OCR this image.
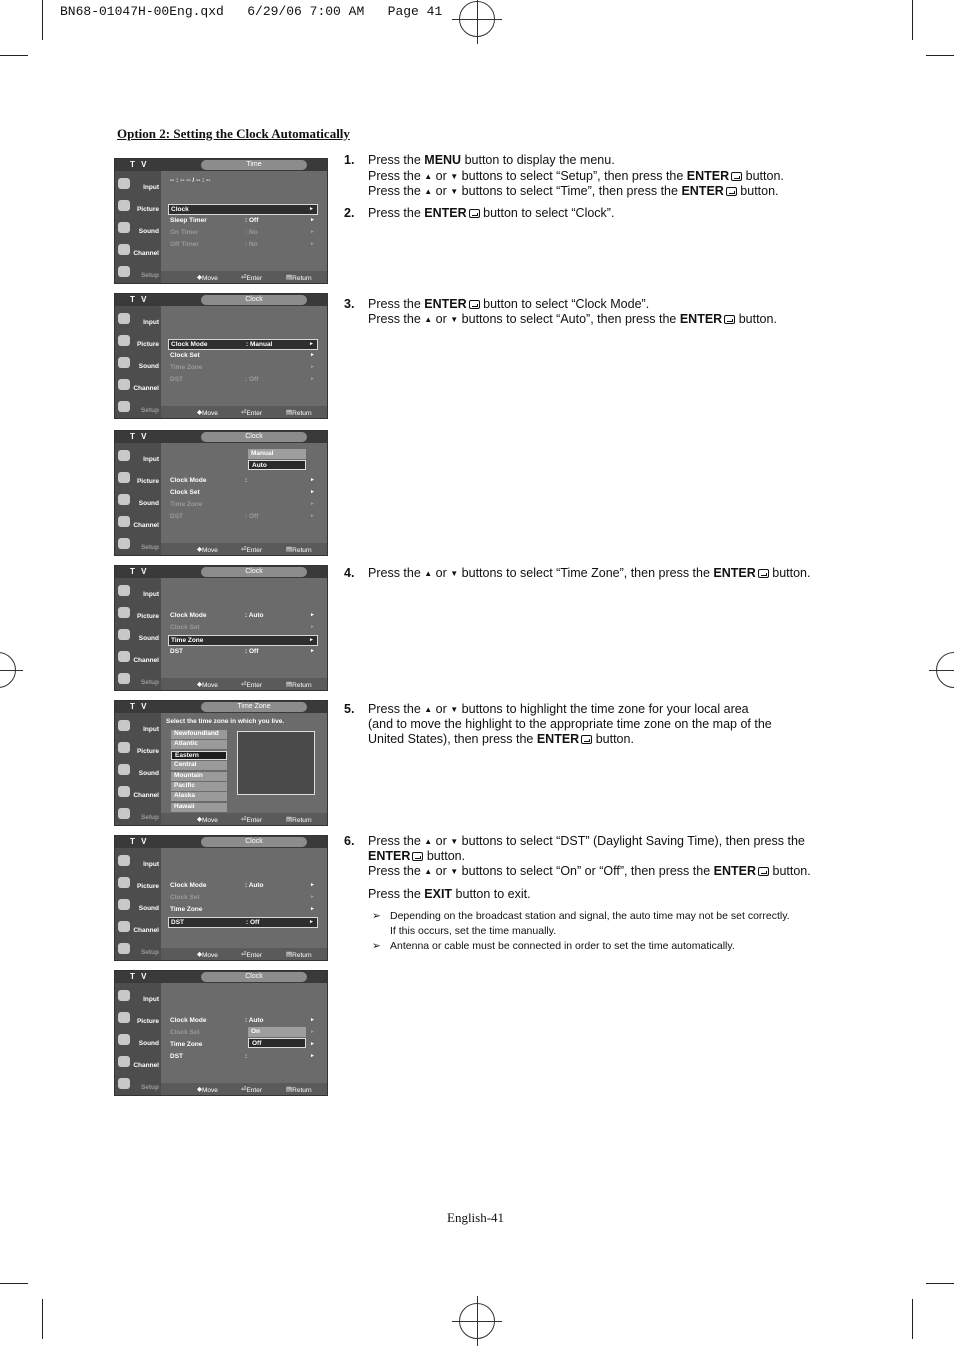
BN68-01047H-00Eng.qxd   6/29/06 7:00 AM   Page 41
Option 2: Setting the Clock Automatically
T V	Time
Input
Picture
Sound
Channel
Setup
-- : -- -- / -- : --
Clock	►
Sleep Timer	: Off	►
On Timer	: No	►
Off Timer	: No	►
◆ Move	⏎ Enter	▤ Return
T V	Clock
Input
Picture
Sound
Channel
Setup
Clock Mode	: Manual	►
Clock Set	►
Time Zone	►
DST	: Off	►
◆ Move	⏎ Enter	▤ Return
T V	Clock
Input
Picture
Sound
Channel
Setup
Clock Mode	:	►
Clock Set	►
Time Zone	►
DST	: Off	►
Manual
Auto
◆ Move	⏎ Enter	▤ Return
T V	Clock
Input
Picture
Sound
Channel
Setup
Clock Mode	: Auto	►
Clock Set	►
Time Zone	►
DST	: Off	►
◆ Move	⏎ Enter	▤ Return
T V	Time Zone
Input
Picture
Sound
Channel
Setup
Select the time zone in which you live.
Newfoundland
Atlantic
Eastern
Central
Mountain
Pacific
Alaska
Hawaii
◆ Move	⏎ Enter	▤ Return
T V	Clock
Input
Picture
Sound
Channel
Setup
Clock Mode	: Auto	►
Clock Set	►
Time Zone	►
DST	: Off	►
◆ Move	⏎ Enter	▤ Return
T V	Clock
Input
Picture
Sound
Channel
Setup
Clock Mode	: Auto	►
Clock Set	►
Time Zone	►
DST	:	►
On
Off
◆ Move	⏎ Enter	▤ Return
1. Press the MENU button to display the menu.
Press the ▲ or ▼ buttons to select “Setup”, then press the ENTER button.
Press the ▲ or ▼ buttons to select “Time”, then press the ENTER button.
2. Press the ENTER button to select “Clock”.
3. Press the ENTER button to select “Clock Mode”.
Press the ▲ or ▼ buttons to select “Auto”, then press the ENTER button.
4. Press the ▲ or ▼ buttons to select “Time Zone”, then press the ENTER button.
5. Press the ▲ or ▼ buttons to highlight the time zone for your local area
(and to move the highlight to the appropriate time zone on the map of the
United States), then press the ENTER button.
6. Press the ▲ or ▼ buttons to select “DST” (Daylight Saving Time), then press the
ENTER button.
Press the ▲ or ▼ buttons to select “On” or “Off”, then press the ENTER button.
Press the EXIT button to exit.
➢ Depending on the broadcast station and signal, the auto time may not be set correctly.
If this occurs, set the time manually.
➢ Antenna or cable must be connected in order to set the time automatically.
English-41
